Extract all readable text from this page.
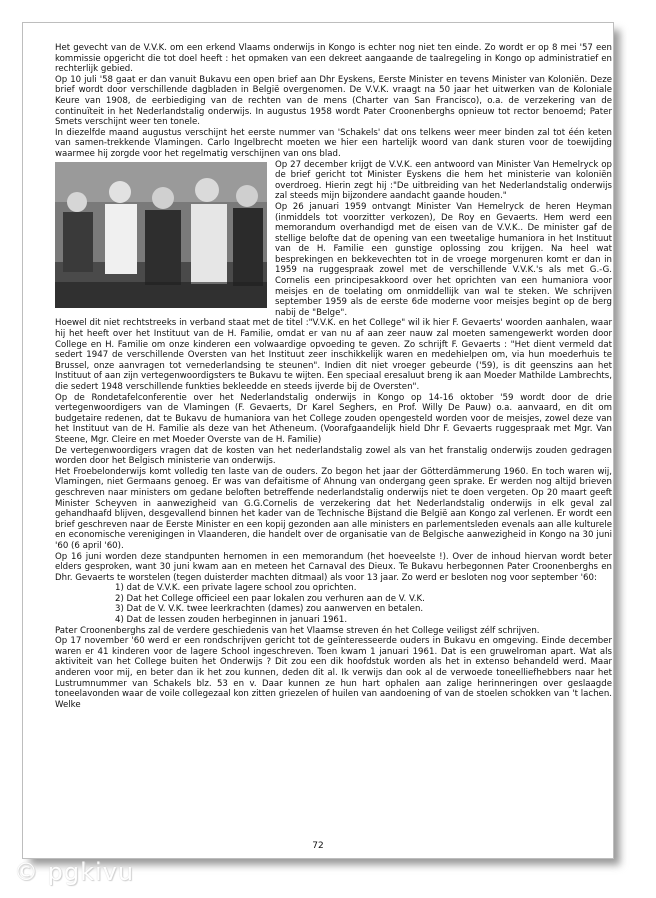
Het gevecht van de V.V.K. om een erkend Vlaams onderwijs in Kongo is echter nog niet ten einde. Zo wordt er op 8 mei '57 een kommissie opgericht die tot doel heeft : het opmaken van een dekreet aangaande de taalregeling in Kongo op administratief en rechterlijk gebied.

Op 10 juli '58 gaat er dan vanuit Bukavu een open brief aan Dhr Eyskens, Eerste Minister en tevens Minister van Koloniën. Deze brief wordt door verschillende dagbladen in België overgenomen. De V.V.K. vraagt na 50 jaar het uitwerken van de Koloniale Keure van 1908, de eerbiediging van de rechten van de mens (Charter van San Francisco), o.a. de verzekering van de continuïteit in het Nederlandstalig onderwijs. In augustus 1958 wordt Pater Croonenberghs opnieuw tot rector benoemd; Pater Smets verschijnt weer ten tonele.

In diezelfde maand augustus verschijnt het eerste nummer van 'Schakels' dat ons telkens weer meer binden zal tot één keten van samen-trekkende Vlamingen. Carlo Ingelbrecht moeten we hier een hartelijk woord van dank sturen voor de toewijding waarmee hij zorgde voor het regelmatig verschijnen van ons blad.

Op 27 december krijgt de V.V.K. een antwoord van Minister Van Hemelryck op de brief gericht tot Minister Eyskens die hem het ministerie van koloniën overdroeg. Hierin zegt hij :"De uitbreiding van het Nederlandstalig onderwijs zal steeds mijn bijzondere aandacht gaande houden."

Op 26 januari 1959 ontvangt Minister Van Hemelryck de heren Heyman (inmiddels tot voorzitter verkozen), De Roy en Gevaerts. Hem werd een memorandum overhandigd met de eisen van de V.V.K.. De minister gaf de stellige belofte dat de opening van een tweetalige humaniora in het Instituut van de H. Familie een gunstige oplossing zou krijgen. Na heel wat besprekingen en bekkevechten tot in de vroege morgenuren komt er dan in 1959 na ruggespraak zowel met de verschillende V.V.K.'s als met G.-G. Cornelis een principesakkoord over het oprichten van een humaniora voor meisjes en de toelating om onmiddellijk van wal te steken. We schrijven september 1959 als de eerste 6de moderne voor meisjes begint op de berg nabij de "Belge".

Hoewel dit niet rechtstreeks in verband staat met de titel :"V.V.K. en het College" wil ik hier F. Gevaerts' woorden aanhalen, waar hij het heeft over het Instituut van de H. Familie, omdat er van nu af aan zeer nauw zal moeten samengewerkt worden door College en H. Familie om onze kinderen een volwaardige opvoeding te geven. Zo schrijft F. Gevaerts : "Het dient vermeld dat sedert 1947 de verschillende Oversten van het Instituut zeer inschikkelijk waren en medehielpen om, via hun moederhuis te Brussel, onze aanvragen tot vernederlandsing te steunen". Indien dit niet vroeger gebeurde ('59), is dit geenszins aan het Instituut of aan zijn vertegenwoordigsters te Bukavu te wijten. Een speciaal eresaluut breng ik aan Moeder Mathilde Lambrechts, die sedert 1948 verschillende funkties bekleedde en steeds ijverde bij de Oversten".

Op de Rondetafelconferentie over het Nederlandstalig onderwijs in Kongo op 14-16 oktober '59 wordt door de drie vertegenwoordigers van de Vlamingen (F. Gevaerts, Dr Karel Seghers, en Prof. Willy De Pauw) o.a. aanvaard, en dit om budgetaire redenen, dat te Bukavu de humaniora van het College zouden opengesteld worden voor de meisjes, zowel deze van het Instituut van de H. Familie als deze van het Atheneum. (Voorafgaandelijk hield Dhr F. Gevaerts ruggespraak met Mgr. Van Steene, Mgr. Cleire en met Moeder Overste van de H. Familie)

De vertegenwoordigers vragen dat de kosten van het nederlandstalig zowel als van het franstalig onderwijs zouden gedragen worden door het Belgisch ministerie van onderwijs.

Het Froebelonderwijs komt volledig ten laste van de ouders. Zo begon het jaar der Götterdämmerung 1960. En toch waren wij, Vlamingen, niet Germaans genoeg. Er was van defaitisme of Ahnung van ondergang geen sprake. Er werden nog altijd brieven geschreven naar ministers om gedane beloften betreffende nederlandstalig onderwijs niet te doen vergeten. Op 20 maart geeft Minister Scheyven in aanwezigheid van G.G.Cornelis de verzekering dat het Nederlandstalig onderwijs in elk geval zal gehandhaafd blijven, desgevallend binnen het kader van de Technische Bijstand die België aan Kongo zal verlenen. Er wordt een brief geschreven naar de Eerste Minister en een kopij gezonden aan alle ministers en parlementsleden evenals aan alle kulturele en economische verenigingen in Vlaanderen, die handelt over de organisatie van de Belgische aanwezigheid in Kongo na 30 juni '60 (6 april '60).

Op 16 juni worden deze standpunten hernomen in een memorandum (het hoeveelste !). Over de inhoud hiervan wordt beter elders gesproken, want 30 juni kwam aan en meteen het Carnaval des Dieux. Te Bukavu herbegonnen Pater Croonenberghs en Dhr. Gevaerts te worstelen (tegen duisterder machten ditmaal) als voor 13 jaar. Zo werd er besloten nog voor september '60:

1) dat de V.V.K. een private lagere school zou oprichten.
2) Dat het College officieel een paar lokalen zou verhuren aan de V. V.K.
3) Dat de V. V.K. twee leerkrachten (dames) zou aanwerven en betalen.
4) Dat de lessen zouden herbeginnen in januari 1961.

Pater Croonenberghs zal de verdere geschiedenis van het Vlaamse streven én het College veiligst zélf schrijven.

Op 17 november '60 werd er een rondschrijven gericht tot de geïnteresseerde ouders in Bukavu en omgeving. Einde december waren er 41 kinderen voor de lagere School ingeschreven. Toen kwam 1 januari 1961. Dat is een gruwelroman apart. Wat als aktiviteit van het College buiten het Onderwijs ? Dit zou een dik hoofdstuk worden als het in extenso behandeld werd. Maar anderen voor mij, en beter dan ik het zou kunnen, deden dit al. Ik verwijs dan ook al de verwoede toneelliefhebbers naar het Lustrumnummer van Schakels blz. 53 en v. Daar kunnen ze hun hart ophalen aan zalige herinneringen over geslaagde toneelavonden waar de voile collegezaal kon zitten griezelen of huilen van aandoening of van de stoelen schokken van 't lachen. Welke

72
© pgkivu
